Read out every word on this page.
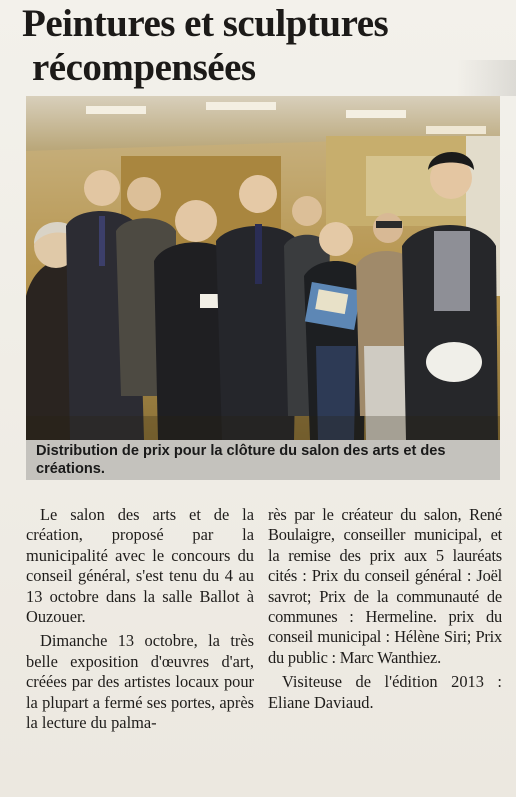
Peintures et sculptures
récompensées
Distribution de prix pour la clôture du salon des arts et des créations.

Le salon des arts et de la création, proposé par la municipalité avec le concours du conseil général, s'est tenu du 4 au 13 octobre dans la salle Ballot à Ouzouer.

Dimanche 13 octobre, la très belle exposition d'œuvres d'art, créées par des artistes locaux pour la plupart a fermé ses portes, après la lecture du palma-

rès par le créateur du salon, René Boulaigre, conseiller municipal, et la remise des prix aux 5 lauréats cités : Prix du conseil général : Joël savrot; Prix de la communauté de communes : Hermeline. prix du conseil municipal : Hélène Siri; Prix du public : Marc Wanthiez.

Visiteuse de l'édition 2013 : Eliane Daviaud.
